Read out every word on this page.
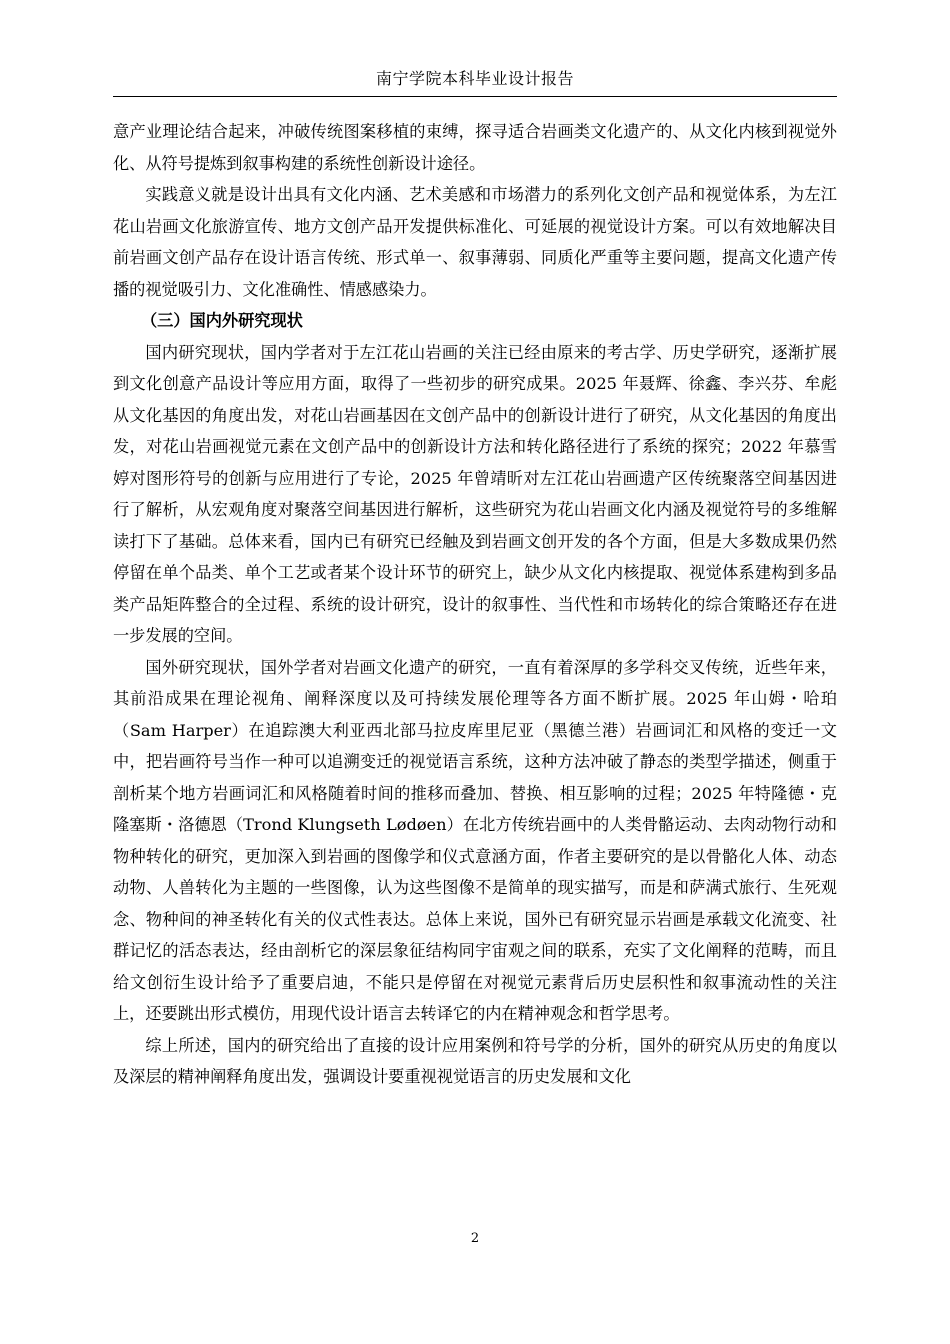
南宁学院本科毕业设计报告

意产业理论结合起来，冲破传统图案移植的束缚，探寻适合岩画类文化遗产的、从文化内核到视觉外化、从符号提炼到叙事构建的系统性创新设计途径。

实践意义就是设计出具有文化内涵、艺术美感和市场潜力的系列化文创产品和视觉体系，为左江花山岩画文化旅游宣传、地方文创产品开发提供标准化、可延展的视觉设计方案。可以有效地解决目前岩画文创产品存在设计语言传统、形式单一、叙事薄弱、同质化严重等主要问题，提高文化遗产传播的视觉吸引力、文化准确性、情感感染力。

（三）国内外研究现状

国内研究现状，国内学者对于左江花山岩画的关注已经由原来的考古学、历史学研究，逐渐扩展到文化创意产品设计等应用方面，取得了一些初步的研究成果。2025 年聂辉、徐鑫、李兴芬、牟彪从文化基因的角度出发，对花山岩画基因在文创产品中的创新设计进行了研究，从文化基因的角度出发，对花山岩画视觉元素在文创产品中的创新设计方法和转化路径进行了系统的探究；2022 年慕雪婷对图形符号的创新与应用进行了专论，2025 年曾靖昕对左江花山岩画遗产区传统聚落空间基因进行了解析，从宏观角度对聚落空间基因进行解析，这些研究为花山岩画文化内涵及视觉符号的多维解读打下了基础。总体来看，国内已有研究已经触及到岩画文创开发的各个方面，但是大多数成果仍然停留在单个品类、单个工艺或者某个设计环节的研究上，缺少从文化内核提取、视觉体系建构到多品类产品矩阵整合的全过程、系统的设计研究，设计的叙事性、当代性和市场转化的综合策略还存在进一步发展的空间。

国外研究现状，国外学者对岩画文化遗产的研究，一直有着深厚的多学科交叉传统，近些年来，其前沿成果在理论视角、阐释深度以及可持续发展伦理等各方面不断扩展。2025 年山姆・哈珀（Sam Harper）在追踪澳大利亚西北部马拉皮库里尼亚（黑德兰港）岩画词汇和风格的变迁一文中，把岩画符号当作一种可以追溯变迁的视觉语言系统，这种方法冲破了静态的类型学描述，侧重于剖析某个地方岩画词汇和风格随着时间的推移而叠加、替换、相互影响的过程；2025 年特隆德・克隆塞斯・洛德恩（Trond Klungseth Lødøen）在北方传统岩画中的人类骨骼运动、去肉动物行动和物种转化的研究，更加深入到岩画的图像学和仪式意涵方面，作者主要研究的是以骨骼化人体、动态动物、人兽转化为主题的一些图像，认为这些图像不是简单的现实描写，而是和萨满式旅行、生死观念、物种间的神圣转化有关的仪式性表达。总体上来说，国外已有研究显示岩画是承载文化流变、社群记忆的活态表达，经由剖析它的深层象征结构同宇宙观之间的联系，充实了文化阐释的范畴，而且给文创衍生设计给予了重要启迪，不能只是停留在对视觉元素背后历史层积性和叙事流动性的关注上，还要跳出形式模仿，用现代设计语言去转译它的内在精神观念和哲学思考。

综上所述，国内的研究给出了直接的设计应用案例和符号学的分析，国外的研究从历史的角度以及深层的精神阐释角度出发，强调设计要重视视觉语言的历史发展和文化

2
